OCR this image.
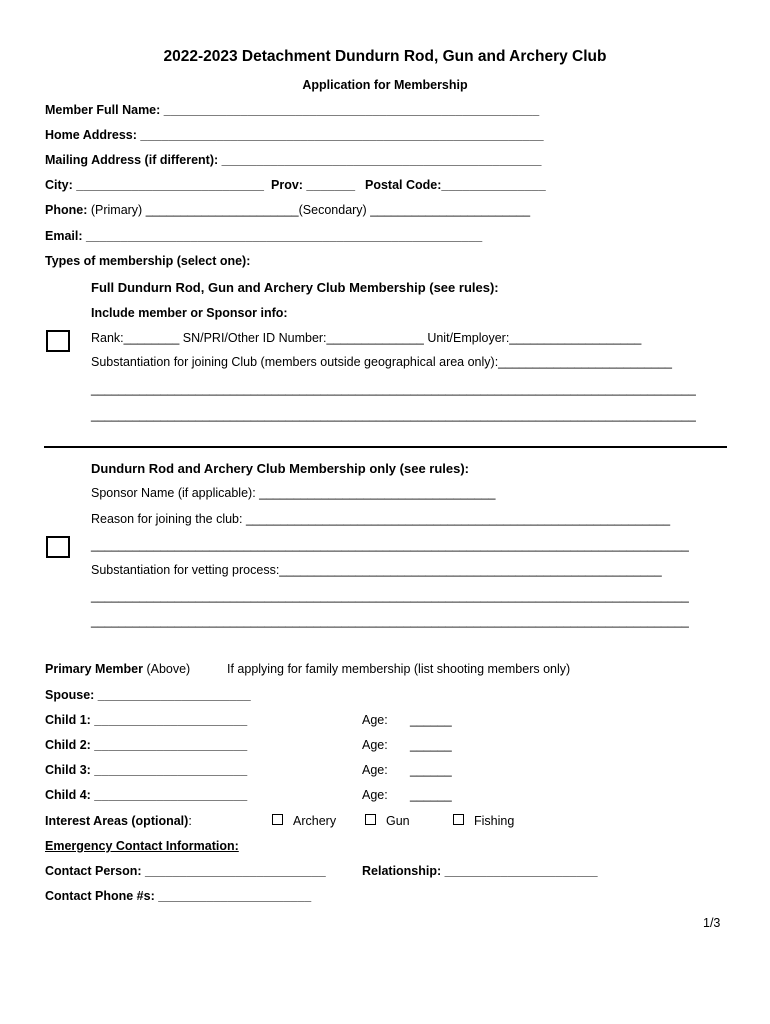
2022-2023 Detachment Dundurn Rod, Gun and Archery Club
Application for Membership
Member Full Name: ______________________________________________________
Home Address: __________________________________________________________
Mailing Address (if different): ______________________________________________
City: ___________________________ Prov: _______ Postal Code:_______________
Phone: (Primary) ______________________(Secondary) _______________________
Email: _________________________________________________________
Types of membership (select one):
Full Dundurn Rod, Gun and Archery Club Membership (see rules):
Include member or Sponsor info:
Rank:________ SN/PRI/Other ID Number:______________ Unit/Employer:___________________
Substantiation for joining Club (members outside geographical area only):_________________________
_______________________________________________________________________________________
_______________________________________________________________________________________
Dundurn Rod and Archery Club Membership only (see rules):
Sponsor Name (if applicable): __________________________________
Reason for joining the club: _____________________________________________________________
______________________________________________________________________________________
Substantiation for vetting process:_______________________________________________________
______________________________________________________________________________________
______________________________________________________________________________________
Primary Member (Above)	If applying for family membership (list shooting members only)
Spouse: ______________________
Child 1: ______________________	Age: ______
Child 2: ______________________	Age: ______
Child 3: ______________________	Age: ______
Child 4: ______________________	Age: ______
Interest Areas (optional):	Archery	Gun	Fishing
Emergency Contact Information:
Contact Person: __________________________	Relationship: ______________________
Contact Phone #s: ______________________
1/3
